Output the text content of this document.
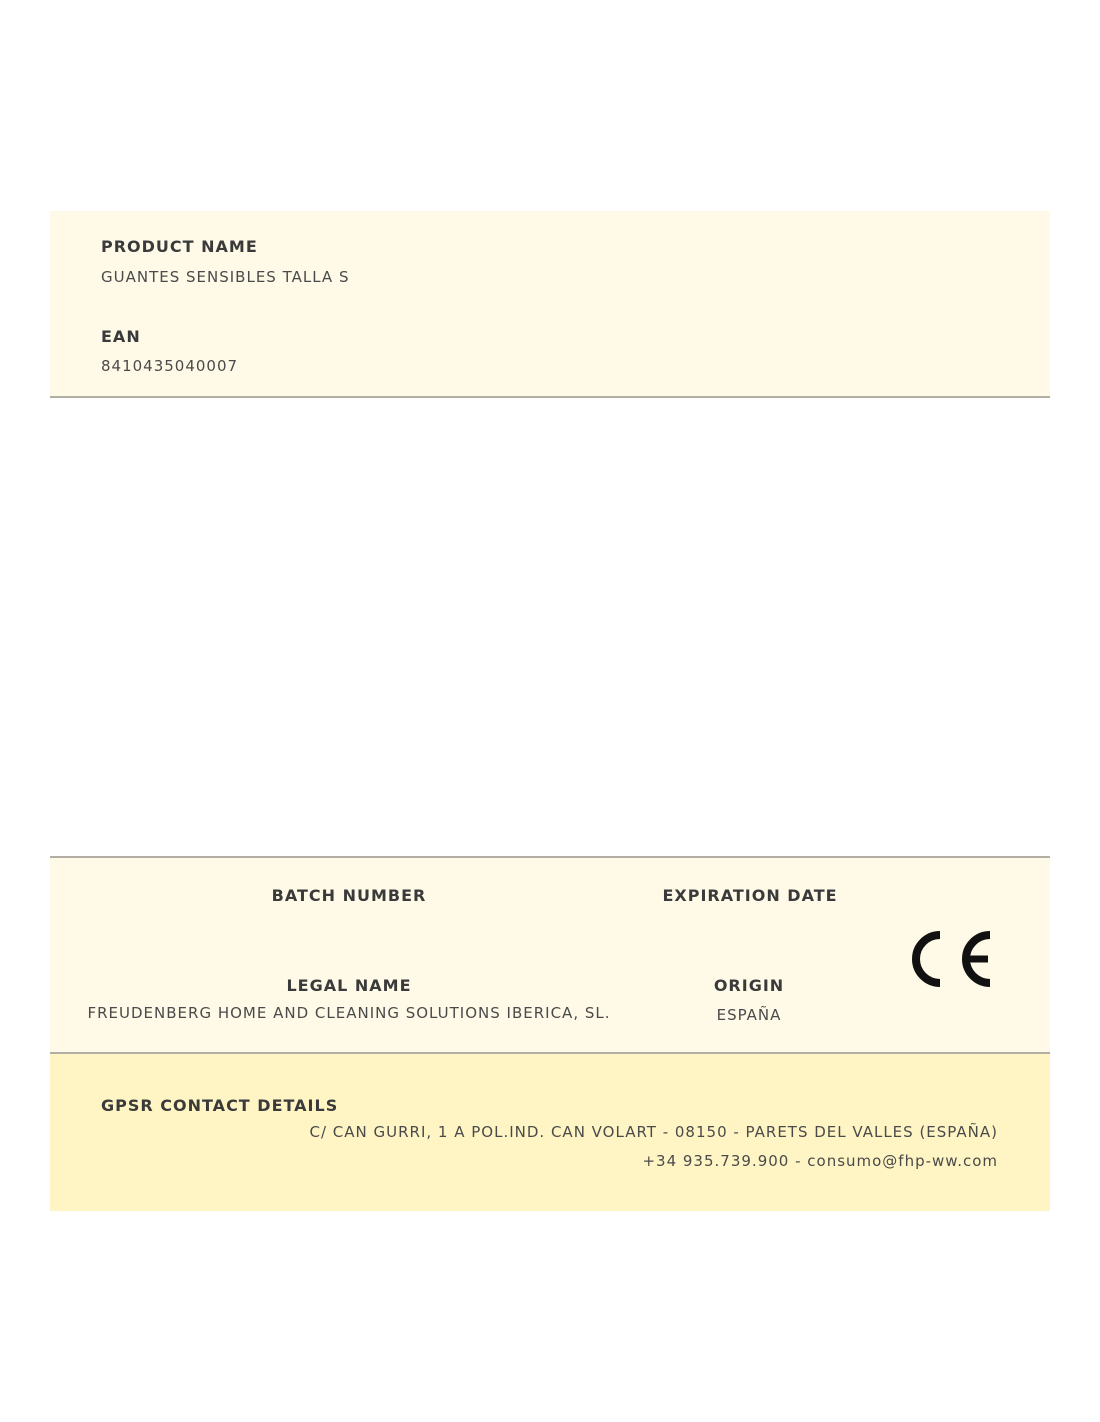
PRODUCT NAME
GUANTES SENSIBLES TALLA S
EAN
8410435040007
BATCH NUMBER	EXPIRATION DATE
LEGAL NAME
FREUDENBERG HOME AND CLEANING SOLUTIONS IBERICA, SL.
ORIGIN
ESPAÑA
GPSR CONTACT DETAILS
C/ CAN GURRI, 1 A POL.IND. CAN VOLART - 08150 - PARETS DEL VALLES (ESPAÑA)
+34 935.739.900 - consumo@fhp-ww.com
